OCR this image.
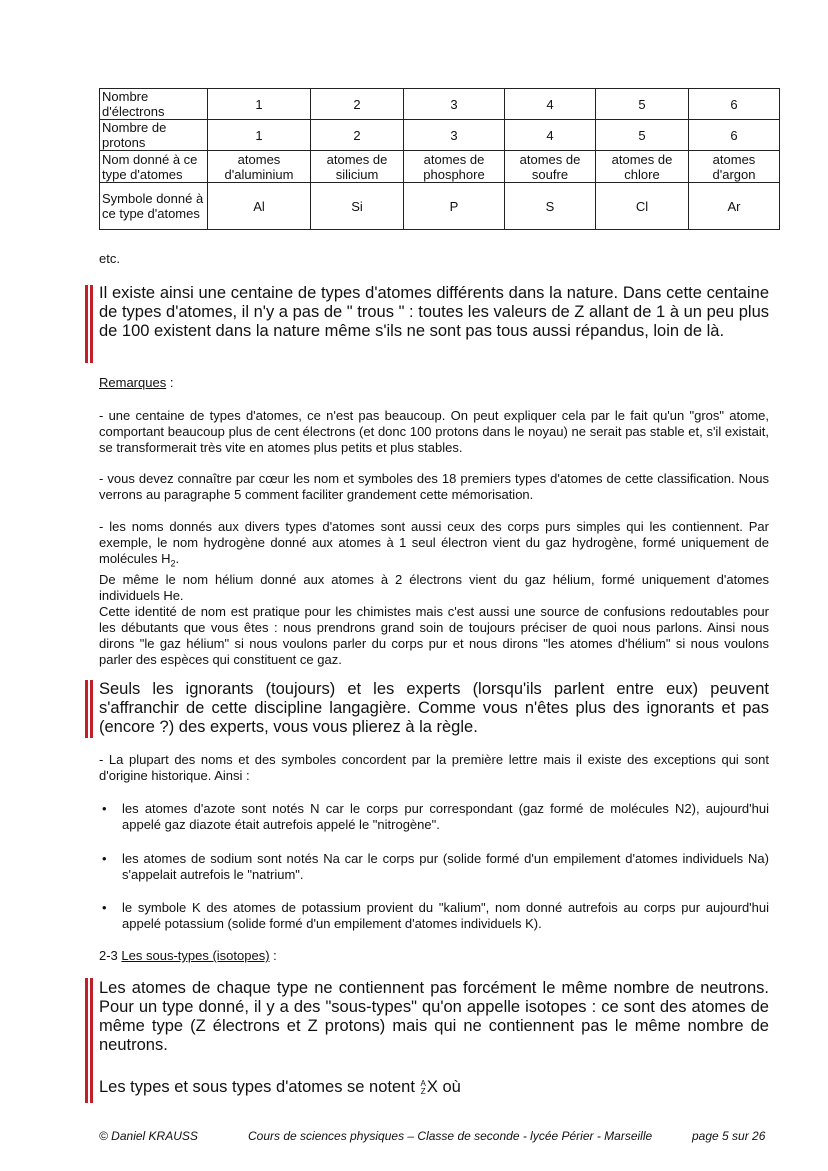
Nombre d'électrons	1	2	3	4	5	6
Nombre de protons	1	2	3	4	5	6
Nom donné à ce type d'atomes	atomes d'aluminium	atomes de silicium	atomes de phosphore	atomes de soufre	atomes de chlore	atomes d'argon
Symbole donné à ce type d'atomes	Al	Si	P	S	Cl	Ar
etc.
Il existe ainsi une centaine de types d'atomes différents dans la nature. Dans cette centaine de types d'atomes, il n'y a pas de " trous " : toutes les valeurs de Z allant de 1 à un peu plus de 100 existent dans la nature même s'ils ne sont pas tous aussi répandus, loin de là.
Remarques :
- une centaine de types d'atomes, ce n'est pas beaucoup. On peut expliquer cela par le fait qu'un "gros" atome, comportant beaucoup plus de cent électrons (et donc 100 protons dans le noyau) ne serait pas stable et, s'il existait, se transformerait très vite en atomes plus petits et plus stables.
- vous devez connaître par cœur les nom et symboles des 18 premiers types d'atomes de cette classification. Nous verrons au paragraphe 5 comment faciliter grandement cette mémorisation.
- les noms donnés aux divers types d'atomes sont aussi ceux des corps purs simples qui les contiennent. Par exemple, le nom hydrogène donné aux atomes à 1 seul électron vient du gaz hydrogène, formé uniquement de molécules $H_2$.
De même le nom hélium donné aux atomes à 2 électrons vient du gaz hélium, formé uniquement d'atomes individuels He.
Cette identité de nom est pratique pour les chimistes mais c'est aussi une source de confusions redoutables pour les débutants que vous êtes : nous prendrons grand soin de toujours préciser de quoi nous parlons. Ainsi nous dirons "le gaz hélium" si nous voulons parler du corps pur et nous dirons "les atomes d'hélium" si nous voulons parler des espèces qui constituent ce gaz.
Seuls les ignorants (toujours) et les experts (lorsqu'ils parlent entre eux) peuvent s'affranchir de cette discipline langagière. Comme vous n'êtes plus des ignorants et pas (encore ?) des experts, vous vous plierez à la règle.
- La plupart des noms et des symboles concordent par la première lettre mais il existe des exceptions qui sont d'origine historique. Ainsi :
• les atomes d'azote sont notés N car le corps pur correspondant (gaz formé de molécules N2), aujourd'hui appelé gaz diazote était autrefois appelé le "nitrogène".
• les atomes de sodium sont notés Na car le corps pur (solide formé d'un empilement d'atomes individuels Na) s'appelait autrefois le "natrium".
• le symbole K des atomes de potassium provient du "kalium", nom donné autrefois au corps pur aujourd'hui appelé potassium (solide formé d'un empilement d'atomes individuels K).
2-3 Les sous-types (isotopes) :
Les atomes de chaque type ne contiennent pas forcément le même nombre de neutrons. Pour un type donné, il y a des "sous-types" qu'on appelle isotopes : ce sont des atomes de même type (Z électrons et Z protons) mais qui ne contiennent pas le même nombre de neutrons.
Les types et sous types d'atomes se notent A
ZX où
© Daniel KRAUSS	Cours de sciences physiques – Classe de seconde - lycée Périer - Marseille	page 5 sur 26
